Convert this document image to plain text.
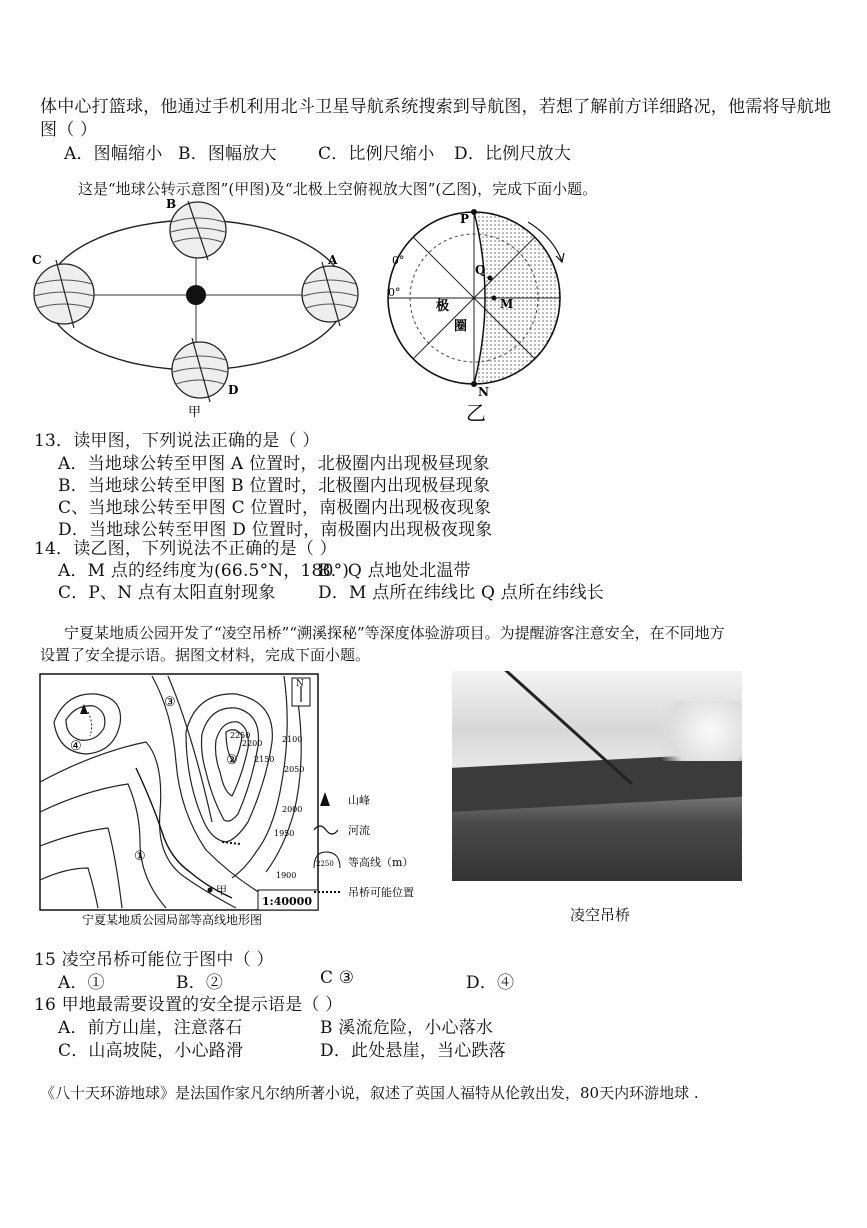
体中心打篮球，他通过手机利用北斗卫星导航系统搜索到导航图，若想了解前方详细路况，他需将导航地
图（ ）
A．图幅缩小 B．图幅放大 C．比例尺缩小 D．比例尺放大
这是“地球公转示意图”(甲图)及“北极上空俯视放大图”(乙图)，完成下面小题。
B
C	A
D
甲
P
Q
M
N
0°
0°
极
圈
乙
13．读甲图，下列说法正确的是（ ）
A．当地球公转至甲图 A 位置时，北极圈内出现极昼现象
B．当地球公转至甲图 B 位置时，北极圈内出现极昼现象
C、当地球公转至甲图 C 位置时，南极圈内出现极夜现象
D．当地球公转至甲图 D 位置时，南极圈内出现极夜现象
14．读乙图，下列说法不正确的是（ ）
A．M 点的经纬度为(66.5°N，180°)
B．Q 点地处北温带
C．P、N 点有太阳直射现象 D．M 点所在纬线比 Q 点所在纬线长
宁夏某地质公园开发了“凌空吊桥”“溯溪探秘”等深度体验游项目。为提醒游客注意安全，在不同地方
设置了安全提示语。据图文材料，完成下面小题。
N
③
②
①
④
2250
2200
2150
2100
2050
2000
1950
1900
甲
1:40000
宁夏某地质公园局部等高线地形图
山峰
河流
2250 等高线（m）
吊桥可能位置
凌空吊桥
15 凌空吊桥可能位于图中（ ）
A．①	B．②	C ③	D．④
16 甲地最需要设置的安全提示语是（ ）
A．前方山崖，注意落石	B 溪流危险，小心落水
C．山高坡陡，小心路滑	D．此处悬崖，当心跌落
《八十天环游地球》是法国作家凡尔纳所著小说，叙述了英国人福特从伦敦出发，80天内环游地球 .
